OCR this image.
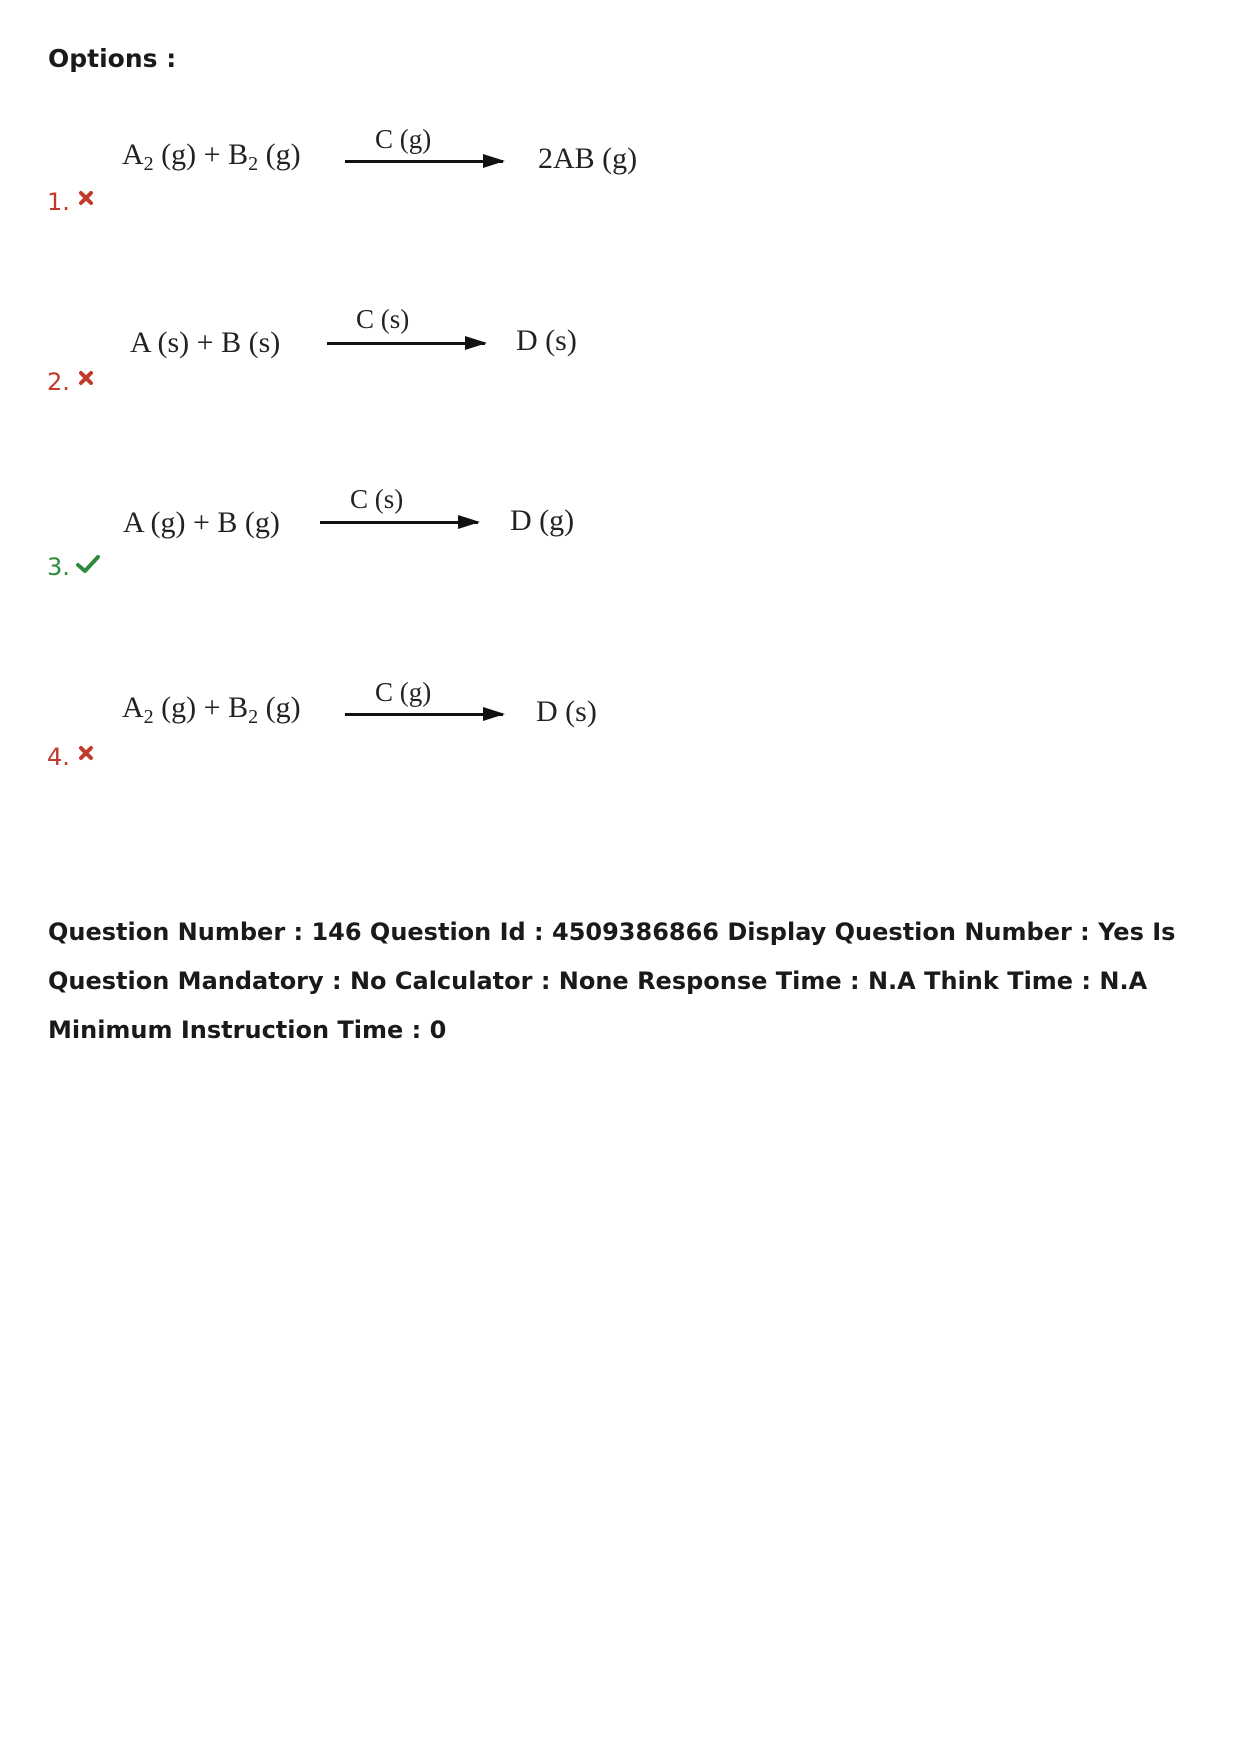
Options :
$A_2$ $(g) + B_2$ (g)	C (g)
2AB (g)
1.
A (s) + B (s)
C (s)
D (s)
2.
A (g) + B (g)
C (s)
D (g)
3.
$A_2$ $(g) + B_2$ (g)	C (g)
D (s)
4.
Question Number : 146 Question Id : 4509386866 Display Question Number : Yes Is Question Mandatory : No Calculator : None Response Time : N.A Think Time : N.A Minimum Instruction Time : 0
